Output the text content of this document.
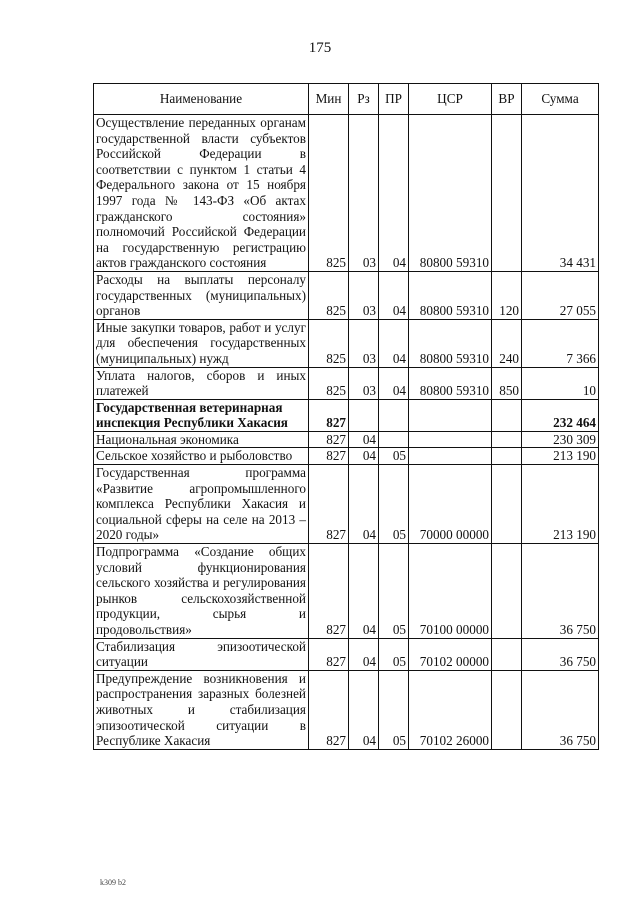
175
Наименование	Мин	Рз	ПР	ЦСР	ВР	Сумма
Осуществление переданных органам государственной власти субъектов Российской Федерации в соответствии с пунктом 1 статьи 4 Федерального закона от 15 ноября 1997 года № 143-ФЗ «Об актах гражданского состояния» полномочий Российской Федерации на государственную регистрацию актов гражданского состояния	825	03	04	80800 59310		34 431
Расходы на выплаты персоналу государственных (муниципальных) органов	825	03	04	80800 59310	120	27 055
Иные закупки товаров, работ и услуг для обеспечения государственных (муниципальных) нужд	825	03	04	80800 59310	240	7 366
Уплата налогов, сборов и иных платежей	825	03	04	80800 59310	850	10
Государственная ветеринарная инспекция Республики Хакасия	827					232 464
Национальная экономика	827	04				230 309
Сельское хозяйство и рыболовство	827	04	05			213 190
Государственная программа «Развитие агропромышленного комплекса Республики Хакасия и социальной сферы на селе на 2013 – 2020 годы»	827	04	05	70000 00000		213 190
Подпрограмма «Создание общих условий функционирования сельского хозяйства и регулирования рынков сельскохозяйственной продукции, сырья и продовольствия»	827	04	05	70100 00000		36 750
Стабилизация эпизоотической ситуации	827	04	05	70102 00000		36 750
Предупреждение возникновения и распространения заразных болезней животных и стабилизация эпизоотической ситуации в Республике Хакасия	827	04	05	70102 26000		36 750
k309 b2
